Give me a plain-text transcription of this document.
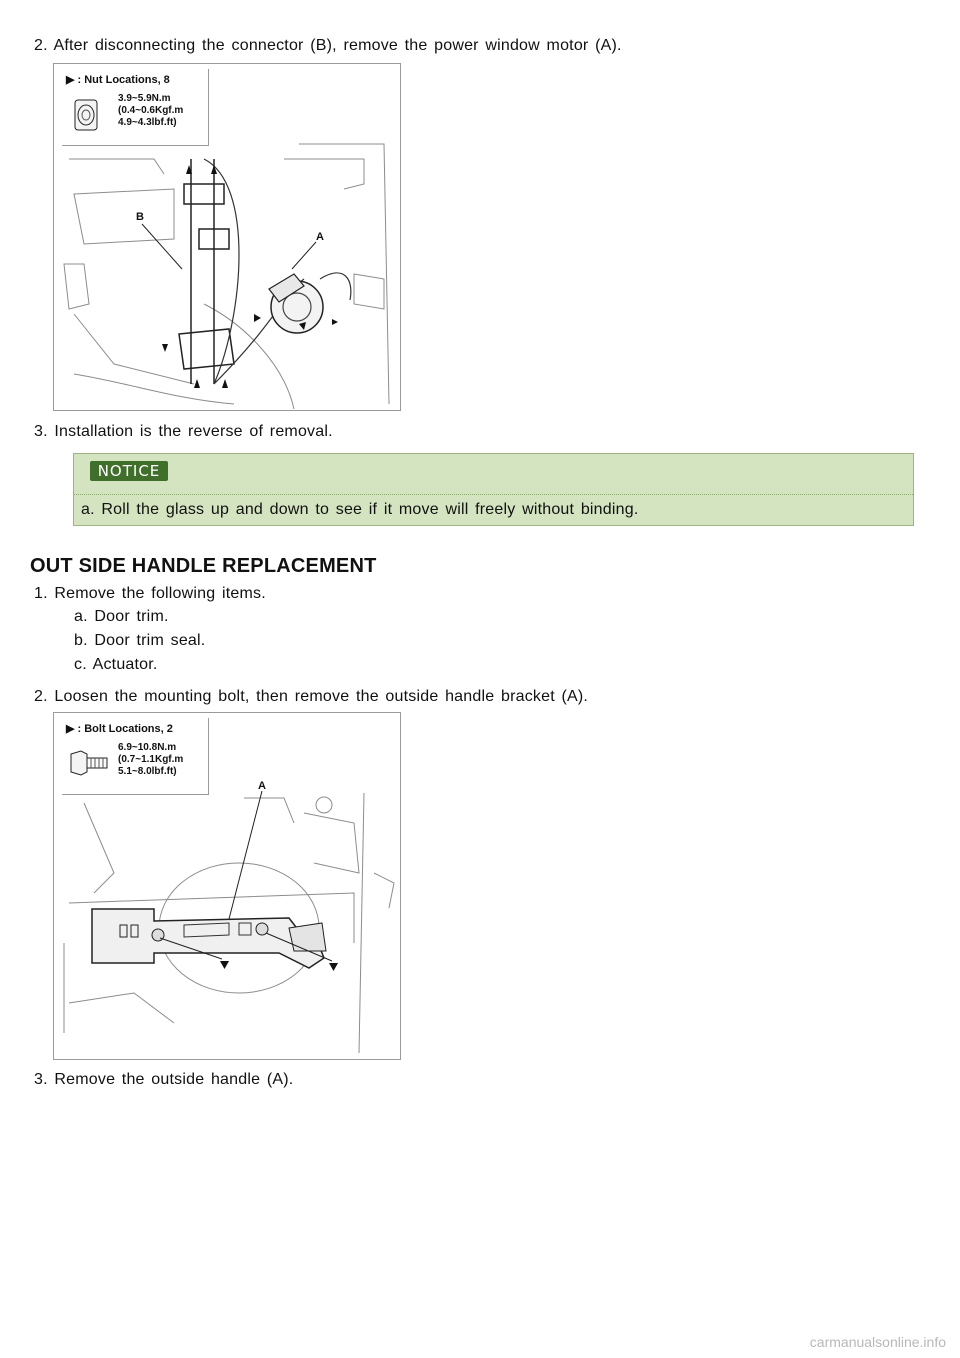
2. After disconnecting the connector (B), remove the power window motor (A).
B
A
▶ : Nut Locations, 8
3.9~5.9N.m
(0.4~0.6Kgf.m
4.9~4.3lbf.ft)
3. Installation is the reverse of removal.
NOTICE
a. Roll the glass up and down to see if it move will freely without binding.
OUT SIDE HANDLE REPLACEMENT
1. Remove the following items.
a. Door trim.
b. Door trim seal.
c. Actuator.
2. Loosen the mounting bolt, then remove the outside handle bracket (A).
A
▶ : Bolt Locations, 2
6.9~10.8N.m
(0.7~1.1Kgf.m
5.1~8.0lbf.ft)
3. Remove the outside handle (A).
carmanualsonline.info
